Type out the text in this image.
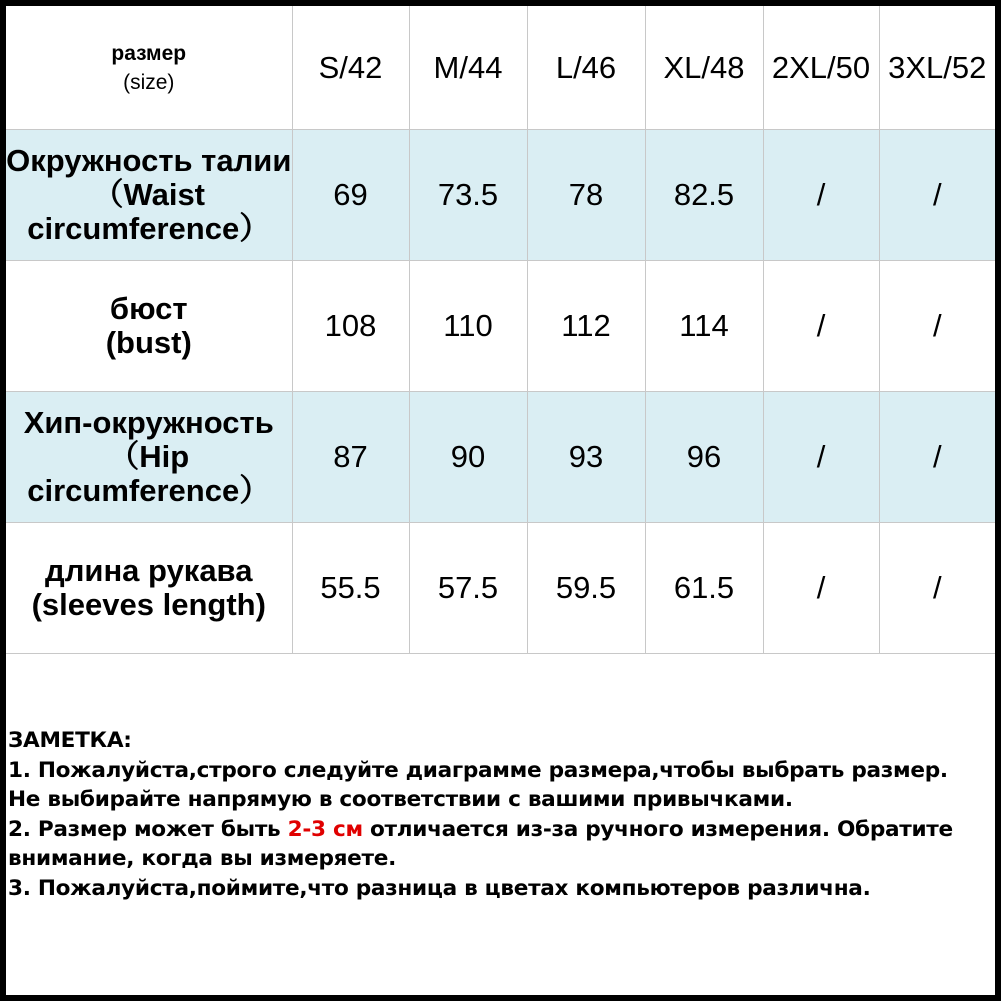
размер
(size)	S/42	M/44	L/46	XL/48	2XL/50	3XL/52

Окружность талии
（Waist
circumference）	69	73.5	78	82.5	/	/

бюст
(bust)	108	110	112	114	/	/

Хип-окружность
（Hip
circumference）	87	90	93	96	/	/

длина рукава
(sleeves length)	55.5	57.5	59.5	61.5	/	/
ЗАМЕТКА:
1. Пожалуйста,строго следуйте диаграмме размера,чтобы выбрать размер.
Не выбирайте напрямую в соответствии с вашими привычками.
2. Размер может быть 2-3 см отличается из-за ручного измерения. Обратите
внимание, когда вы измеряете.
3. Пожалуйста,поймите,что разница в цветах компьютеров различна.
